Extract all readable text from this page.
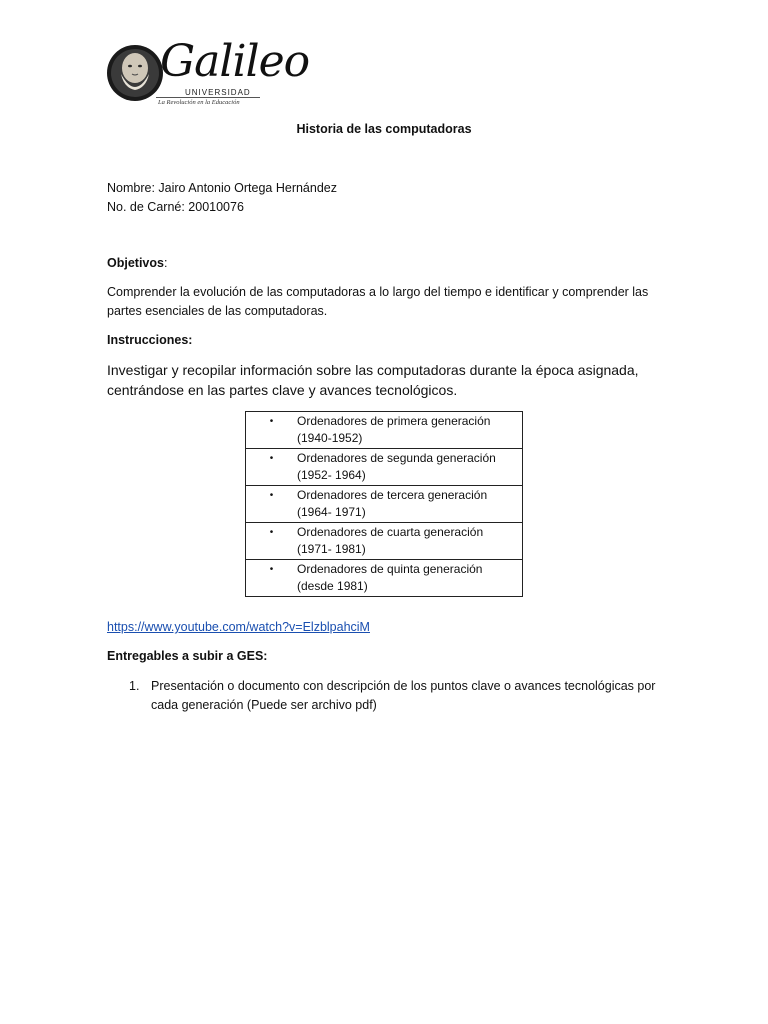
Galileo
UNIVERSIDAD
La Revolución en la Educación
Historia de las computadoras
Nombre: Jairo Antonio Ortega Hernández
No. de Carné: 20010076
Objetivos:
Comprender la evolución de las computadoras a lo largo del tiempo e identificar y comprender las
partes esenciales de las computadoras.
Instrucciones:
Investigar y recopilar información sobre las computadoras durante la época asignada,
centrándose en las partes clave y avances tecnológicos.
•	Ordenadores de primera generación
(1940-1952)

•	Ordenadores de segunda generación
(1952- 1964)

•	Ordenadores de tercera generación
(1964- 1971)

•	Ordenadores de cuarta generación
(1971- 1981)

•	Ordenadores de quinta generación
(desde 1981)
https://www.youtube.com/watch?v=ElzblpahciM
Entregables a subir a GES:
1. Presentación o documento con descripción de los puntos clave o avances tecnológicas por
cada generación (Puede ser archivo pdf)
